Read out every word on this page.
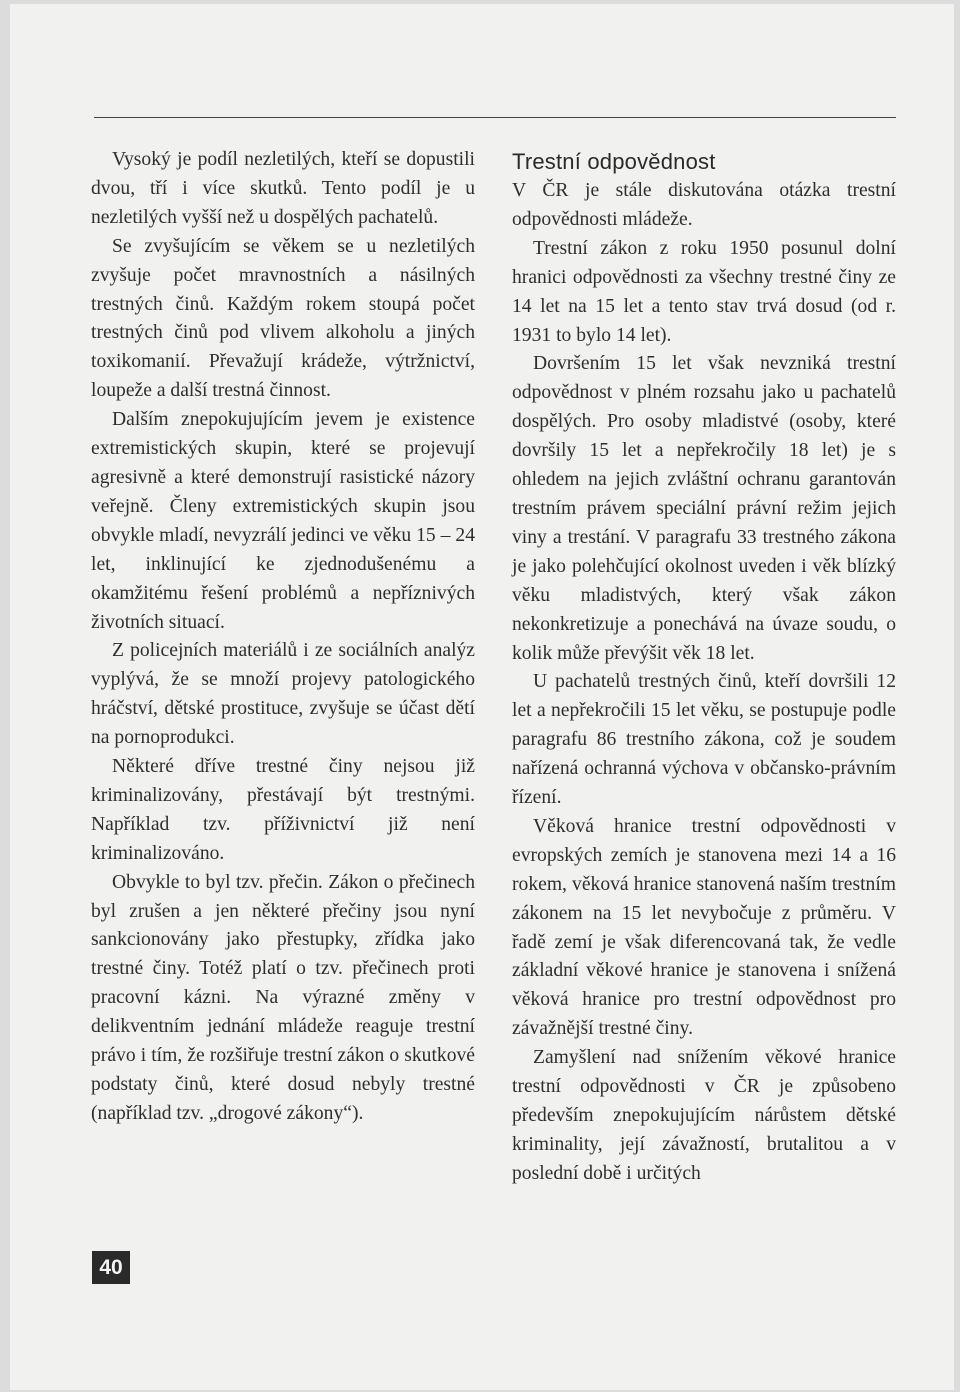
Vysoký je podíl nezletilých, kteří se dopustili dvou, tří i více skutků. Tento podíl je u nezletilých vyšší než u dospělých pachatelů.

Se zvyšujícím se věkem se u nezletilých zvyšuje počet mravnostních a násilných trestných činů. Každým rokem stoupá počet trestných činů pod vlivem alkoholu a jiných toxikomanií. Převažují krádeže, výtržnictví, loupeže a další trestná činnost.

Dalším znepokujujícím jevem je existence extremistických skupin, které se projevují agresivně a které demonstrují rasistické názory veřejně. Členy extremistických skupin jsou obvykle mladí, nevyzrálí jedinci ve věku 15 – 24 let, inklinující ke zjednodušenému a okamžitému řešení problémů a nepříznivých životních situací.

Z policejních materiálů i ze sociálních analýz vyplývá, že se množí projevy patologického hráčství, dětské prostituce, zvyšuje se účast dětí na pornoprodukci.

Některé dříve trestné činy nejsou již kriminalizovány, přestávají být trestnými. Například tzv. příživnictví již není kriminalizováno.

Obvykle to byl tzv. přečin. Zákon o přečinech byl zrušen a jen některé přečiny jsou nyní sankcionovány jako přestupky, zřídka jako trestné činy. Totéž platí o tzv. přečinech proti pracovní kázni. Na výrazné změny v delikventním jednání mládeže reaguje trestní právo i tím, že rozšiřuje trestní zákon o skutkové podstaty činů, které dosud nebyly trestné (například tzv. „drogové zákony“).

Trestní odpovědnost

V ČR je stále diskutována otázka trestní odpovědnosti mládeže.

Trestní zákon z roku 1950 posunul dolní hranici odpovědnosti za všechny trestné činy ze 14 let na 15 let a tento stav trvá dosud (od r. 1931 to bylo 14 let).

Dovršením 15 let však nevzniká trestní odpovědnost v plném rozsahu jako u pachatelů dospělých. Pro osoby mladistvé (osoby, které dovršily 15 let a nepřekročily 18 let) je s ohledem na jejich zvláštní ochranu garantován trestním právem speciální právní režim jejich viny a trestání. V paragrafu 33 trestného zákona je jako polehčující okolnost uveden i věk blízký věku mladistvých, který však zákon nekonkretizuje a ponechává na úvaze soudu, o kolik může převýšit věk 18 let.

U pachatelů trestných činů, kteří dovršili 12 let a nepřekročili 15 let věku, se postupuje podle paragrafu 86 trestního zákona, což je soudem nařízená ochranná výchova v občansko-právním řízení.

Věková hranice trestní odpovědnosti v evropských zemích je stanovena mezi 14 a 16 rokem, věková hranice stanovená naším trestním zákonem na 15 let nevybočuje z průměru. V řadě zemí je však diferencovaná tak, že vedle základní věkové hranice je stanovena i snížená věková hranice pro trestní odpovědnost pro závažnější trestné činy.

Zamyšlení nad snížením věkové hranice trestní odpovědnosti v ČR je způsobeno především znepokujujícím nárůstem dětské kriminality, její závažností, brutalitou a v poslední době i určitých

40
